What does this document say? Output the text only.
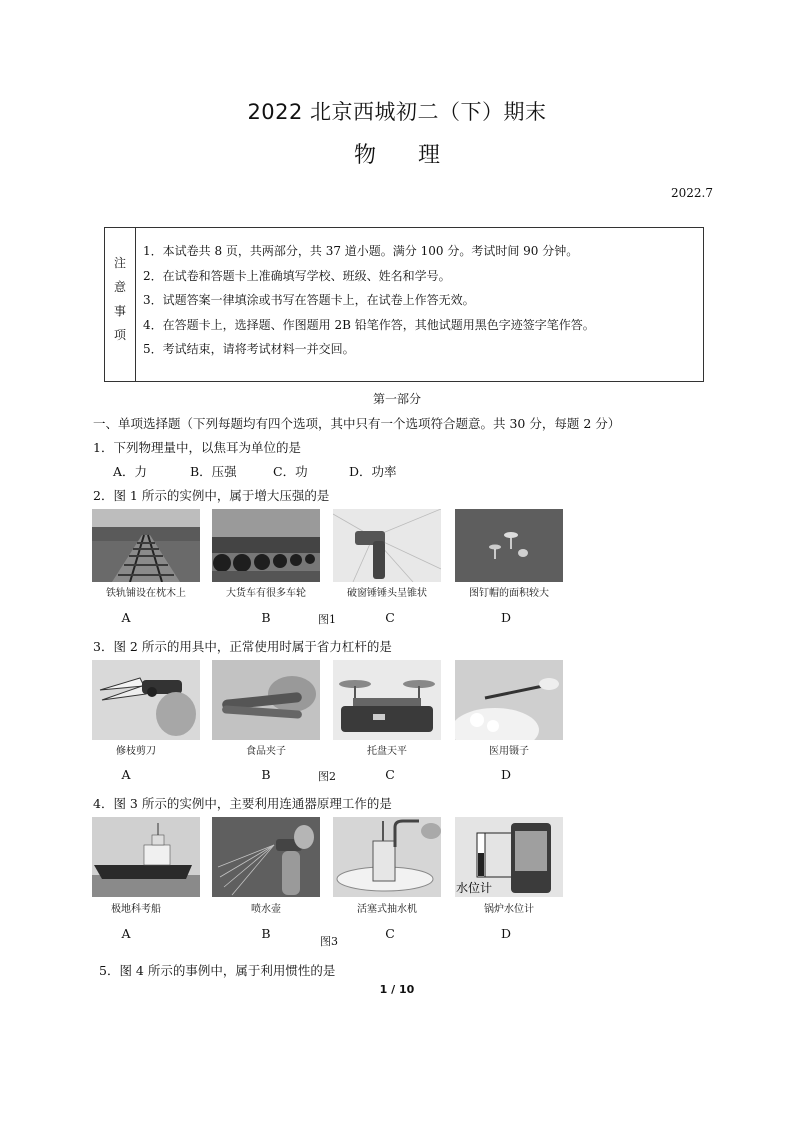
2022 北京西城初二（下）期末
物 理
2022.7
注
意
事
项
1．本试卷共 8 页，共两部分，共 37 道小题。满分 100 分。考试时间 90 分钟。
2．在试卷和答题卡上准确填写学校、班级、姓名和学号。
3．试题答案一律填涂或书写在答题卡上，在试卷上作答无效。
4．在答题卡上，选择题、作图题用 2B 铅笔作答，其他试题用黑色字迹签字笔作答。
5．考试结束，请将考试材料一并交回。
第一部分
一、单项选择题（下列每题均有四个选项，其中只有一个选项符合题意。共 30 分，每题 2 分）
1．下列物理量中，以焦耳为单位的是
A．力	B．压强	C．功	D．功率
2．图 1 所示的实例中，属于增大压强的是
铁轨铺设在枕木上	大货车有很多车轮	破窗锤锤头呈锥状	图钉帽的面积较大
A	B	图1	C	D
3．图 2 所示的用具中，正常使用时属于省力杠杆的是
修枝剪刀	食品夹子	托盘天平	医用镊子
A	B	图2	C	D
4．图 3 所示的实例中，主要利用连通器原理工作的是
水位计
极地科考船	喷水壶	活塞式抽水机	锅炉水位计
A	B
图3
C	D
5．图 4 所示的事例中，属于利用惯性的是
1 / 10
